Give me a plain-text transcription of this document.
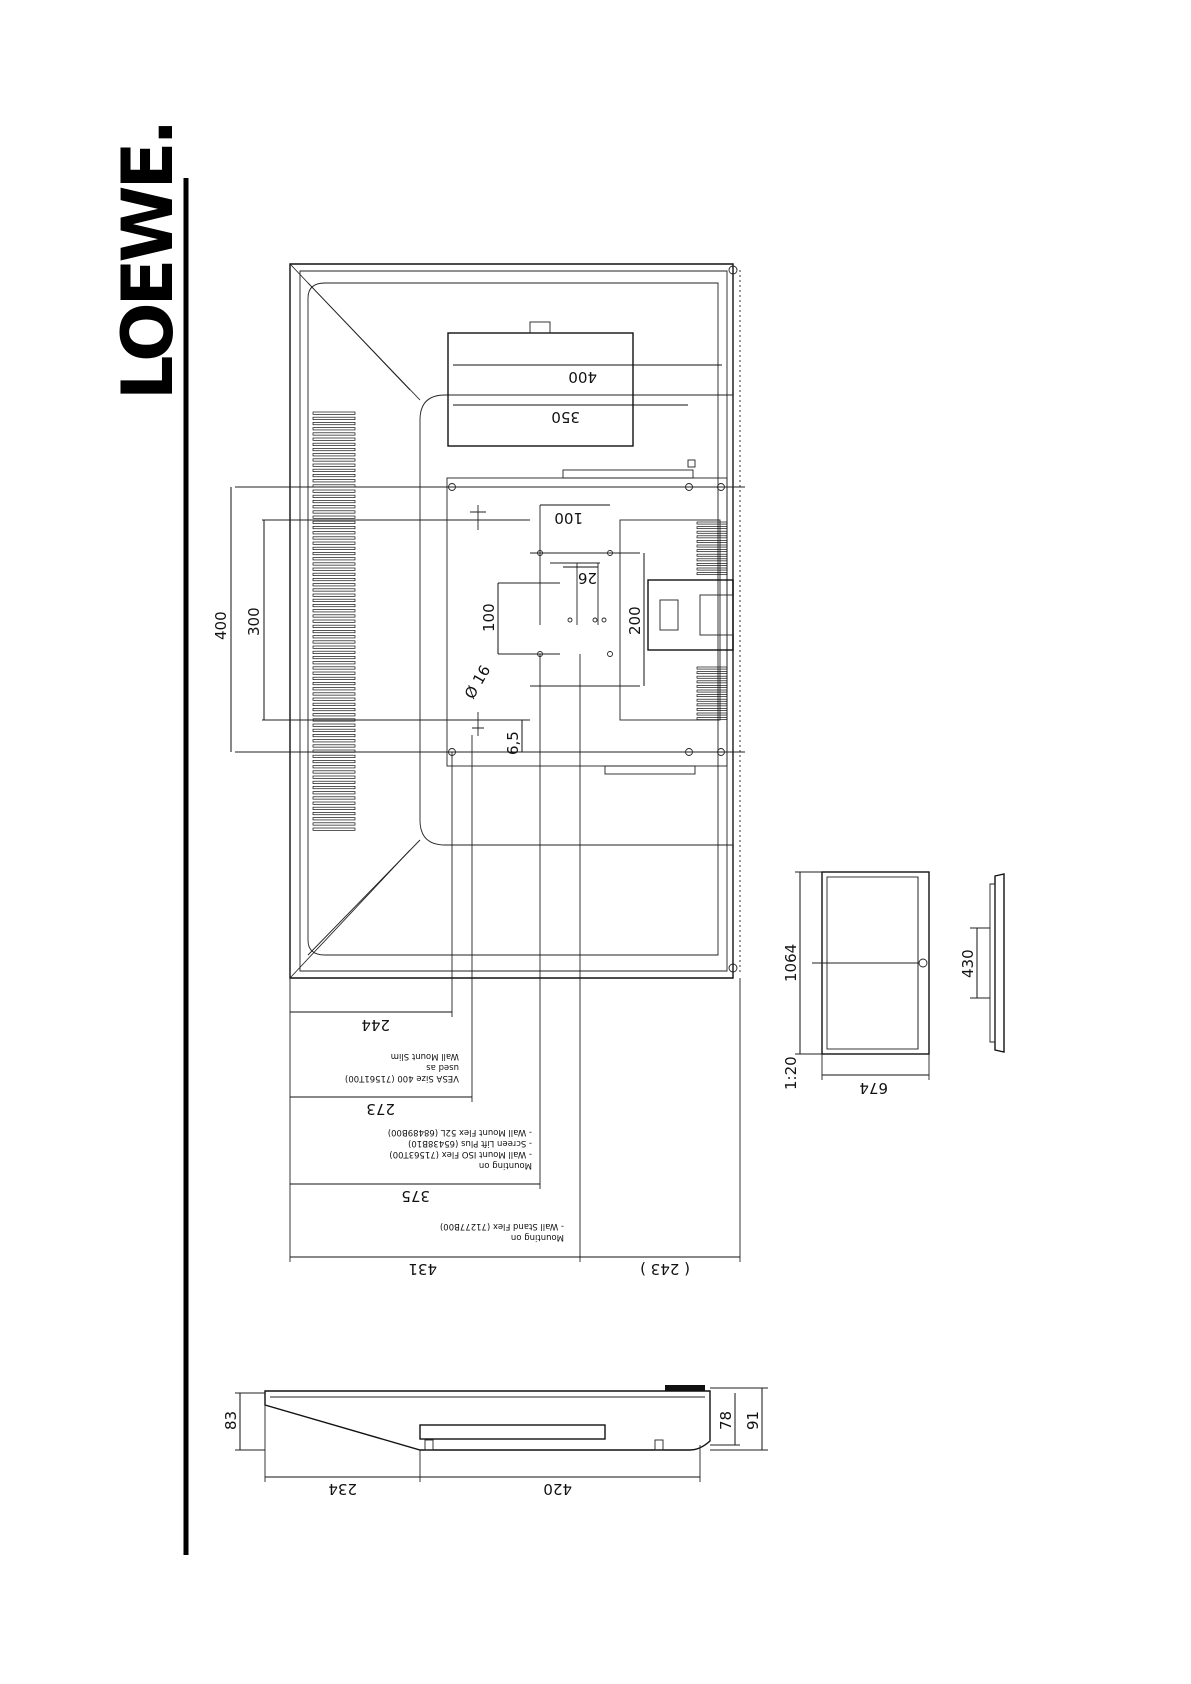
LOEWE.	400
350
100
26
400 300	100	200
Ø 16
6,5
244
273
375
431	( 243 )
VESA Size 400 (71561T00)
used as
Wall Mount Slim
Mounting on
- Wall Mount ISO Flex (71563T00)
- Screen Lift Plus (65438B10)
- Wall Mount Flex 52L (68489B00)
Mounting on
- Wall Stand Flex (71277B00)
1064
674
1:20
430
83	78 91
234	420
